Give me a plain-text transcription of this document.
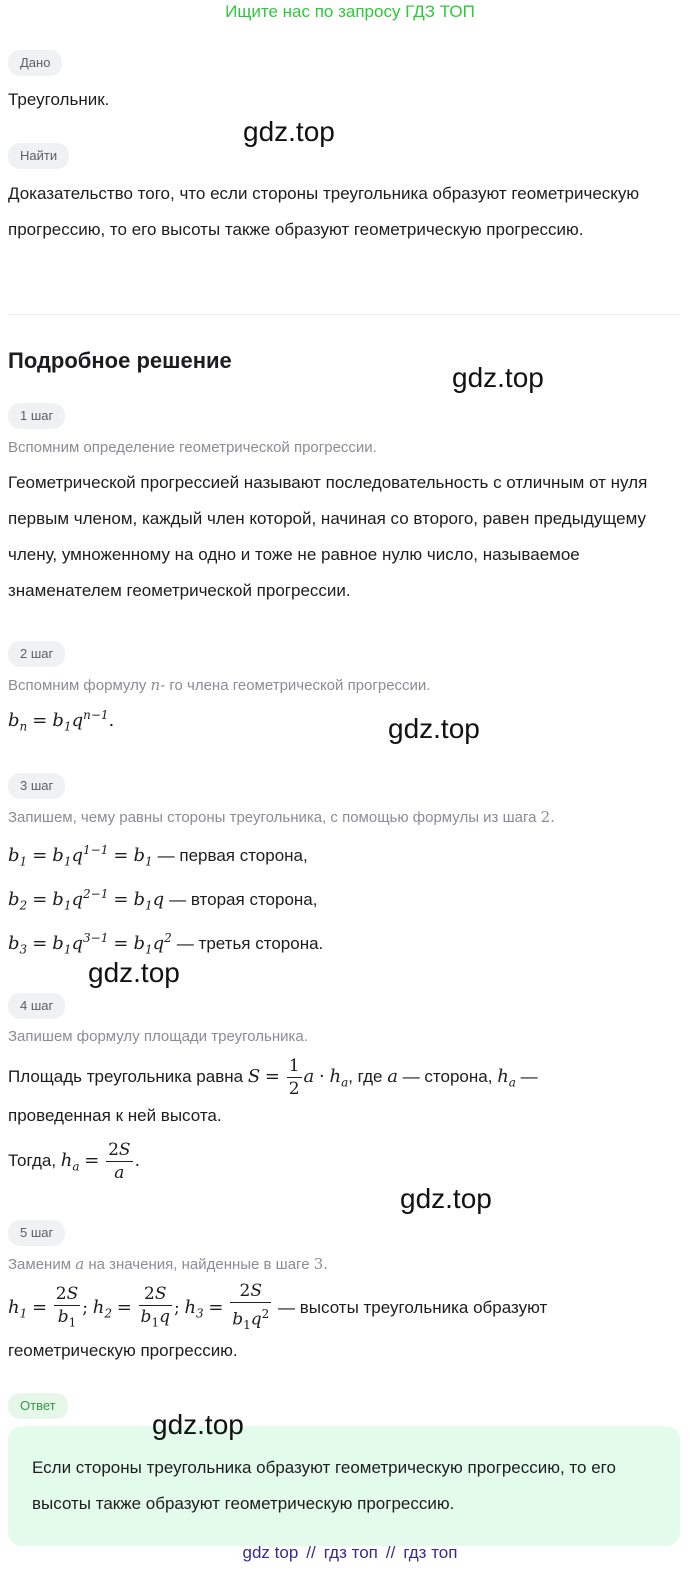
Ищите нас по запросу ГДЗ ТОП
Дано
Треугольник.
gdz.top
Найти
Доказательство того, что если стороны треугольника образуют геометрическую прогрессию, то его высоты также образуют геометрическую прогрессию.
Подробное решение
gdz.top
1 шаг
Вспомним определение геометрической прогрессии.
Геометрической прогрессией называют последовательность с отличным от нуля первым членом, каждый член которой, начиная со второго, равен предыдущему члену, умноженному на одно и тоже не равное нулю число, называемое знаменателем геометрической прогрессии.
2 шаг
Вспомним формулу n- го члена геометрической прогрессии.
$b_n = b_1q^{n-1}$.	gdz.top
3 шаг
Запишем, чему равны стороны треугольника, с помощью формулы из шага 2.
$b_1 = b_1q^{1-1} = b_1$ — первая сторона,
$b_2 = b_1q^{2-1} = b_1q$ — вторая сторона,
$b_3 = b_1q^{3-1} = b_1q^2$ — третья сторона.
gdz.top
4 шаг
Запишем формулу площади треугольника.
Площадь треугольника равна $S = \frac{1}{2}$ $a \cdot h_a$, где a — сторона, $h_a$ —
проведенная к ней высота.
Тогда, $h_a = \frac{2S}{a}$ .
gdz.top
5 шаг
Заменим a на значения, найденные в шаге 3.
$h_1 = \frac{2S}{b_1}$ ; $h_2 = \frac{2S}{b_1q}$ ; $h_3 = \frac{2S}{b_1q^2}$ — высоты треугольника образуют
геометрическую прогрессию.
Ответ
gdz.top
Если стороны треугольника образуют геометрическую прогрессию, то его высоты также образуют геометрическую прогрессию.
gdz top // гдз топ // гдз топ
